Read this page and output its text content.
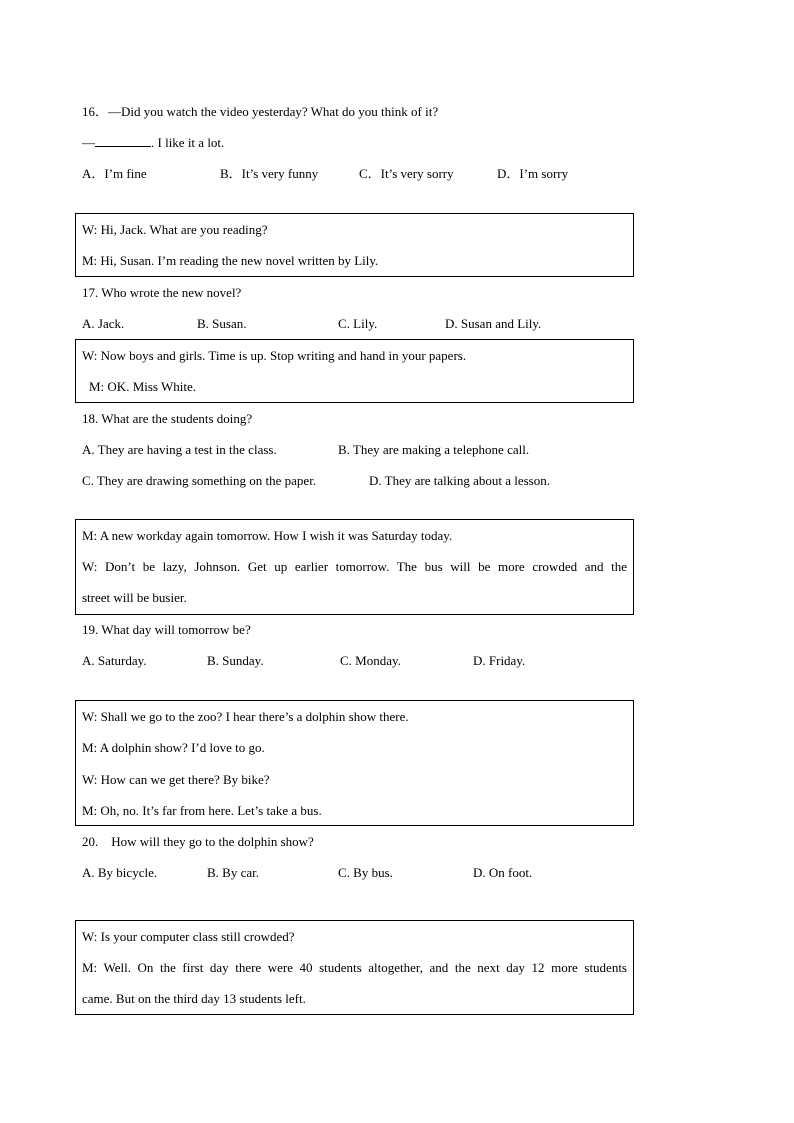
16．—Did you watch the video yesterday? What do you think of it?
—	. I like it a lot.
A．I’m fine	B．It’s very funny	C．It’s very sorry	D．I’m sorry
W: Hi, Jack. What are you reading?
M: Hi, Susan. I’m reading the new novel written by Lily.
17. Who wrote the new novel?
A. Jack.	B. Susan.	C. Lily.	D. Susan and Lily.
W: Now boys and girls. Time is up. Stop writing and hand in your papers.
M: OK. Miss White.
18. What are the students doing?
A. They are having a test in the class.	B. They are making a telephone call.
C. They are drawing something on the paper.	D. They are talking about a lesson.
M: A new workday again tomorrow. How I wish it was Saturday today.
W: Don’t be lazy, Johnson. Get up earlier tomorrow. The bus will be more crowded and the
street will be busier.
19. What day will tomorrow be?
A. Saturday.	B. Sunday.	C. Monday.	D. Friday.
W: Shall we go to the zoo? I hear there’s a dolphin show there.
M: A dolphin show? I’d love to go.
W: How can we get there? By bike?
M: Oh, no. It’s far from here. Let’s take a bus.
20.    How will they go to the dolphin show?
A. By bicycle.	B. By car.	C. By bus.	D. On foot.
W: Is your computer class still crowded?
M: Well. On the first day there were 40 students altogether, and the next day 12 more students
came. But on the third day 13 students left.
